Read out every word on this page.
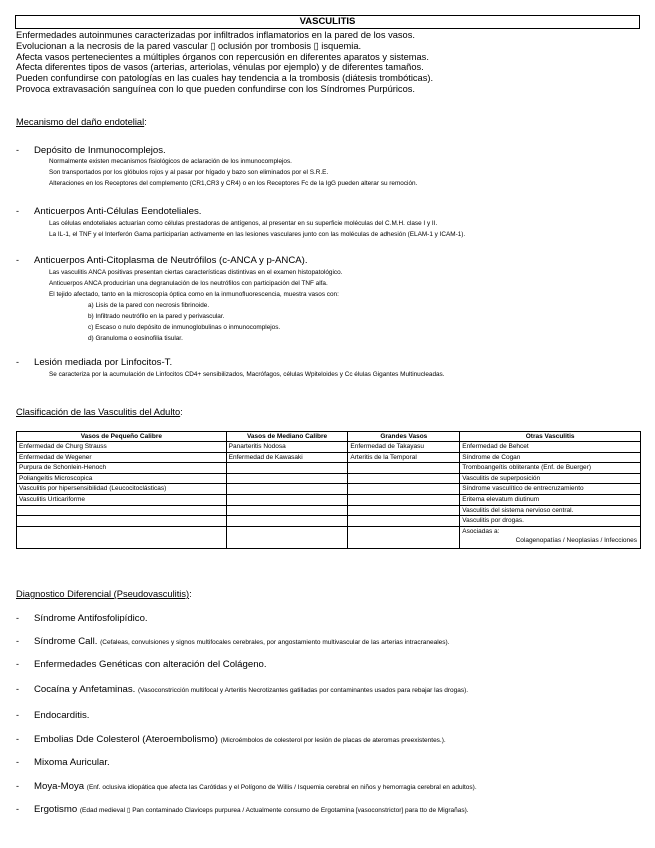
VASCULITIS
Enfermedades autoinmunes caracterizadas por infiltrados inflamatorios en la pared de los vasos.
Evolucionan a la necrosis de la pared vascular ▯ oclusión por trombosis ▯ isquemia.
Afecta vasos pertenecientes a múltiples órganos con repercusión en diferentes aparatos y sistemas.
Afecta diferentes tipos de vasos (arterias, arteriolas, vénulas por ejemplo) y de diferentes tamaños.
Pueden confundirse con patologías en las cuales hay tendencia a la trombosis (diátesis trombóticas).
Provoca extravasación sanguínea con lo que pueden confundirse con los Síndromes Purpúricos.
Mecanismo del daño endotelial:
- Depósito de Inmunocomplejos.
Normalmente existen mecanismos fisiológicos de aclaración de los inmunocomplejos.
Son transportados por los glóbulos rojos y al pasar por hígado y bazo son eliminados por el S.R.E.
Alteraciones en los Receptores del complemento (CR1,CR3 y CR4) o en los Receptores Fc de la IgG pueden alterar su remoción.
- Anticuerpos Anti-Células Eendoteliales.
Las células endoteliales actuarían como células prestadoras de antígenos, al presentar en su superficie moléculas del C.M.H. clase I y II.
La IL-1, el TNF y el Interferón Gama participarían activamente en las lesiones vasculares junto con las moléculas de adhesión (ELAM-1 y ICAM-1).
- Anticuerpos Anti-Citoplasma de Neutrófilos (c-ANCA y p-ANCA).
Las vasculitis ANCA positivas presentan ciertas características distintivas en el examen histopatológico.
Anticuerpos ANCA producirían una degranulación de los neutrófilos con participación del TNF alfa.
El tejido afectado, tanto en la microscopía óptica como en la inmunofluorescencia, muestra vasos con:
a) Lisis de la pared con necrosis fibrinoide.
b) Infiltrado neutrófilo en la pared y perivascular.
c) Escaso o nulo depósito de inmunoglobulinas o inmunocomplejos.
d) Granuloma o eosinofilia tisular.
- Lesión mediada por Linfocitos-T.
Se caracteriza por la acumulación de Linfocitos CD4+ sensibilizados, Macrófagos, células Wpiteloides y Cc élulas Gigantes Multinucleadas.
Clasificación de las Vasculitis del Adulto:
Vasos de Pequeño Calibre	Vasos de Mediano Calibre	Grandes Vasos	Otras Vasculitis
Enfermedad de Churg Strauss	Panarteritis Nodosa	Enfermedad de Takayasu	Enfermedad de Behcet
Enfermedad de Wegener	Enfermedad de Kawasaki	Arteritis de la Temporal	Síndrome de Cogan
Purpura de Schonlein-Henoch			Tromboangeítis obliterante (Enf. de Buerger)
Poliangeítis Microscopica			Vasculitis de superposición
Vasculitis por hipersensibilidad (Leucocitoclásticas)			Síndrome vasculítico de entrecruzamiento
Vasculitis Urticariforme			Eritema elevatum diutinum
			Vasculitis del sistema nervioso central.
			Vasculitis por drogas.

			Asociadas a:
Colagenopatías / Neoplasias / Infecciones
Diagnostico Diferencial (Pseudovasculitis):
- Síndrome Antifosfolipídico.
- Síndrome Call. (Cefaleas, convulsiones y signos multifocales cerebrales, por angostamiento multivascular de las arterias intracraneales).
- Enfermedades Genéticas con alteración del Colágeno.
- Cocaína y Anfetaminas. (Vasoconstricción multifocal y Arteritis Necrotizantes gatilladas por contaminantes usados para rebajar las drogas).
- Endocarditis.
- Embolias Dde Colesterol (Ateroembolismo) (Microémbolos de colesterol por lesión de placas de ateromas preexistentes.).
- Mixoma Auricular.
- Moya-Moya (Enf. oclusiva idiopática que afecta las Carótidas y el Polígono de Willis / Isquemia cerebral en niños y hemorragia cerebral en adultos).
- Ergotismo (Edad medieval ▯ Pan contaminado Claviceps purpurea / Actualmente consumo de Ergotamina [vasoconstrictor] para tto de Migrañas).
